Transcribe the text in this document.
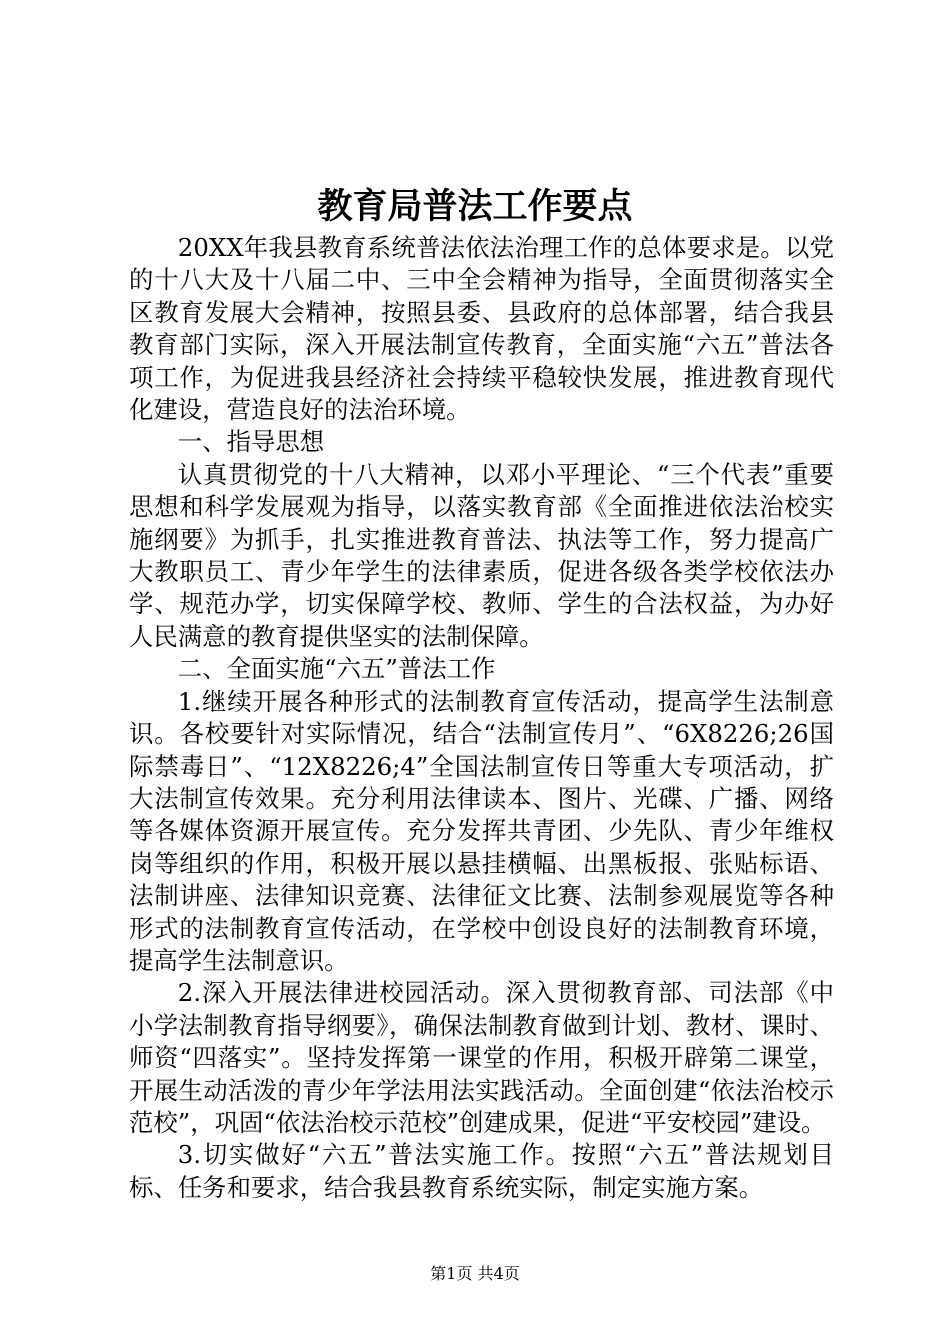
教育局普法工作要点

20XX年我县教育系统普法依法治理工作的总体要求是。以党的十八大及十八届二中、三中全会精神为指导，全面贯彻落实全区教育发展大会精神，按照县委、县政府的总体部署，结合我县教育部门实际，深入开展法制宣传教育，全面实施“六五”普法各项工作，为促进我县经济社会持续平稳较快发展，推进教育现代化建设，营造良好的法治环境。

一、指导思想

认真贯彻党的十八大精神，以邓小平理论、“三个代表”重要思想和科学发展观为指导，以落实教育部《全面推进依法治校实施纲要》为抓手，扎实推进教育普法、执法等工作，努力提高广大教职员工、青少年学生的法律素质，促进各级各类学校依法办学、规范办学，切实保障学校、教师、学生的合法权益，为办好人民满意的教育提供坚实的法制保障。

二、全面实施“六五”普法工作

1.继续开展各种形式的法制教育宣传活动，提高学生法制意识。各校要针对实际情况，结合“法制宣传月”、“6X8226;26国际禁毒日”、“12X8226;4”全国法制宣传日等重大专项活动，扩大法制宣传效果。充分利用法律读本、图片、光碟、广播、网络等各媒体资源开展宣传。充分发挥共青团、少先队、青少年维权岗等组织的作用，积极开展以悬挂横幅、出黑板报、张贴标语、法制讲座、法律知识竞赛、法律征文比赛、法制参观展览等各种形式的法制教育宣传活动，在学校中创设良好的法制教育环境，提高学生法制意识。

2.深入开展法律进校园活动。深入贯彻教育部、司法部《中小学法制教育指导纲要》，确保法制教育做到计划、教材、课时、师资“四落实”。坚持发挥第一课堂的作用，积极开辟第二课堂，开展生动活泼的青少年学法用法实践活动。全面创建“依法治校示范校”，巩固“依法治校示范校”创建成果，促进“平安校园”建设。

3.切实做好“六五”普法实施工作。按照“六五”普法规划目标、任务和要求，结合我县教育系统实际，制定实施方案。

第1页 共4页
